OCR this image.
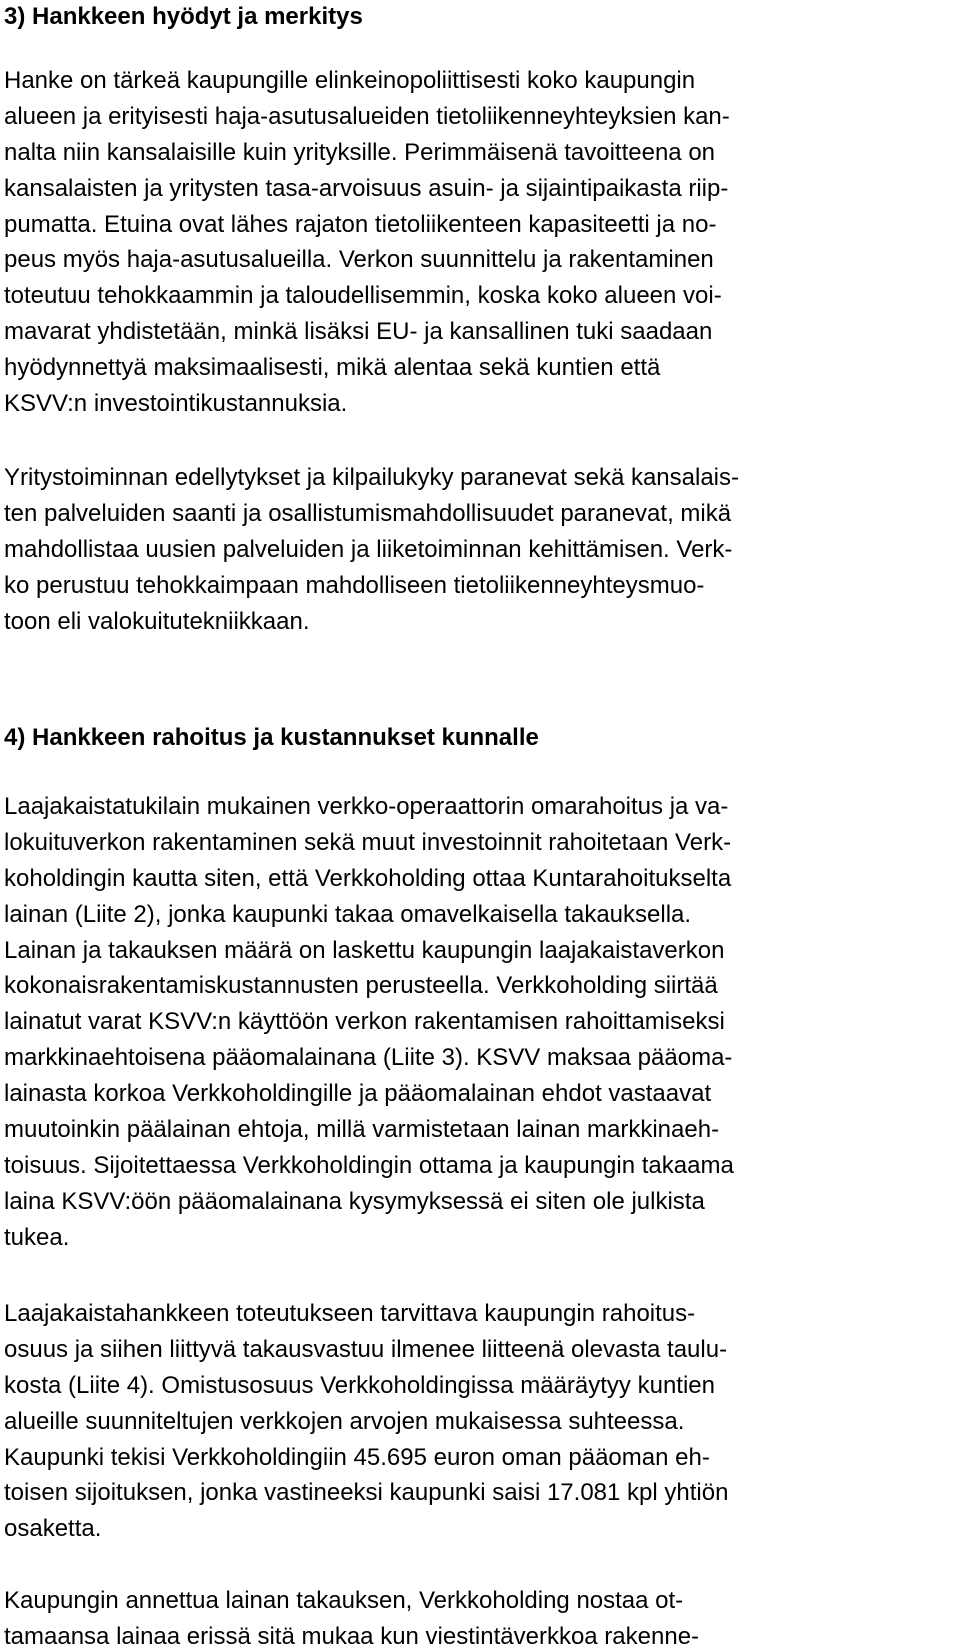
3) Hankkeen hyödyt ja merkitys
Hanke on tärkeä kaupungille elinkeinopoliittisesti koko kaupungin
alueen ja erityisesti haja-asutusalueiden tietoliikenneyhteyksien kan-
nalta niin kansalaisille kuin yrityksille. Perimmäisenä tavoitteena on
kansalaisten ja yritysten tasa-arvoisuus asuin- ja sijaintipaikasta riip-
pumatta. Etuina ovat lähes rajaton tietoliikenteen kapasiteetti ja no-
peus myös haja-asutusalueilla. Verkon suunnittelu ja rakentaminen
toteutuu tehokkaammin ja taloudellisemmin, koska koko alueen voi-
mavarat yhdistetään, minkä lisäksi EU- ja kansallinen tuki saadaan
hyödynnettyä maksimaalisesti, mikä alentaa sekä kuntien että
KSVV:n investointikustannuksia.
Yritystoiminnan edellytykset ja kilpailukyky paranevat sekä kansalais-
ten palveluiden saanti ja osallistumismahdollisuudet paranevat, mikä
mahdollistaa uusien palveluiden ja liiketoiminnan kehittämisen. Verk-
ko perustuu tehokkaimpaan mahdolliseen tietoliikenneyhteysmuo-
toon eli valokuitutekniikkaan.
4) Hankkeen rahoitus ja kustannukset kunnalle
Laajakaistatukilain mukainen verkko-operaattorin omarahoitus ja va-
lokuituverkon rakentaminen sekä muut investoinnit rahoitetaan Verk-
koholdingin kautta siten, että Verkkoholding ottaa Kuntarahoitukselta
lainan (Liite 2), jonka kaupunki takaa omavelkaisella takauksella.
Lainan ja takauksen määrä on laskettu kaupungin laajakaistaverkon
kokonaisrakentamiskustannusten perusteella. Verkkoholding siirtää
lainatut varat KSVV:n käyttöön verkon rakentamisen rahoittamiseksi
markkinaehtoisena pääomalainana (Liite 3). KSVV maksaa pääoma-
lainasta korkoa Verkkoholdingille ja pääomalainan ehdot vastaavat
muutoinkin päälainan ehtoja, millä varmistetaan lainan markkinaeh-
toisuus. Sijoitettaessa Verkkoholdingin ottama ja kaupungin takaama
laina KSVV:öön pääomalainana kysymyksessä ei siten ole julkista
tukea.
Laajakaistahankkeen toteutukseen tarvittava kaupungin rahoitus-
osuus ja siihen liittyvä takausvastuu ilmenee liitteenä olevasta taulu-
kosta (Liite 4). Omistusosuus Verkkoholdingissa määräytyy kuntien
alueille suunniteltujen verkkojen arvojen mukaisessa suhteessa.
Kaupunki tekisi Verkkoholdingiin 45.695 euron oman pääoman eh-
toisen sijoituksen, jonka vastineeksi kaupunki saisi 17.081 kpl yhtiön
osaketta.
Kaupungin annettua lainan takauksen, Verkkoholding nostaa ot-
tamaansa lainaa erissä sitä mukaa kun viestintäverkkoa rakenne-
